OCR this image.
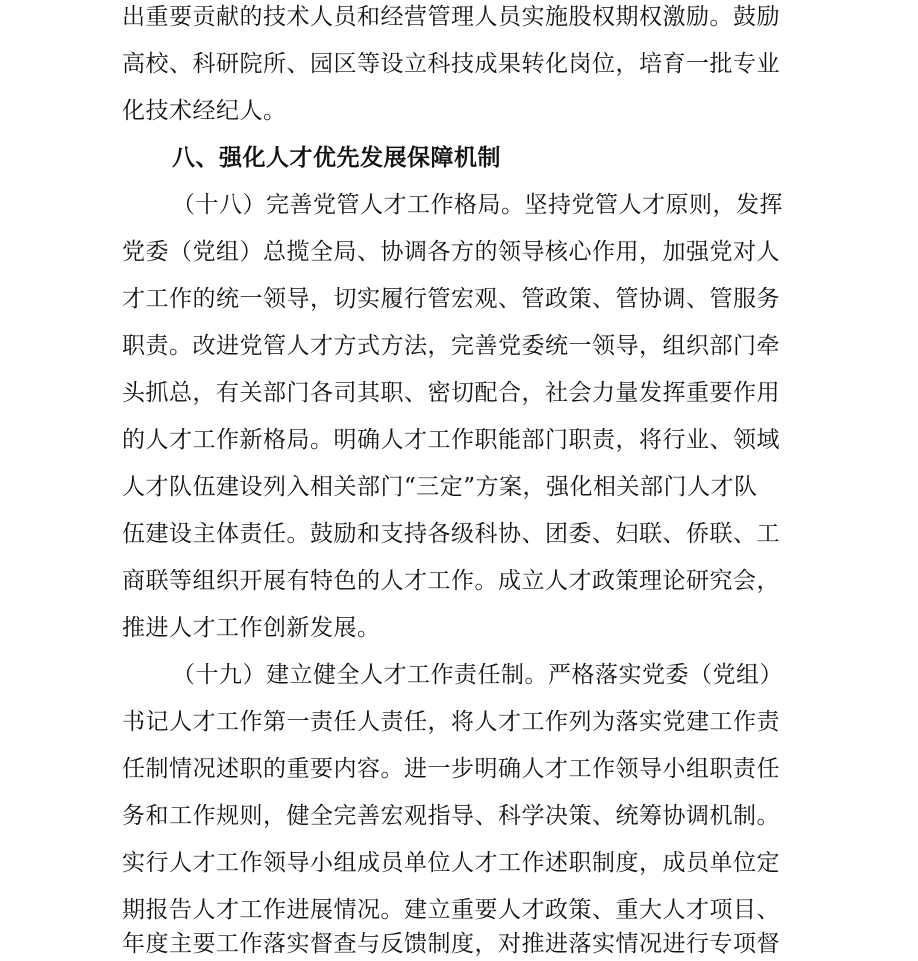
出重要贡献的技术人员和经营管理人员实施股权期权激励。鼓励
高校、科研院所、园区等设立科技成果转化岗位，培育一批专业
化技术经纪人。
八、强化人才优先发展保障机制
（十八）完善党管人才工作格局。坚持党管人才原则，发挥
党委（党组）总揽全局、协调各方的领导核心作用，加强党对人
才工作的统一领导，切实履行管宏观、管政策、管协调、管服务
职责。改进党管人才方式方法，完善党委统一领导，组织部门牵
头抓总，有关部门各司其职、密切配合，社会力量发挥重要作用
的人才工作新格局。明确人才工作职能部门职责，将行业、领域
人才队伍建设列入相关部门“三定”方案，强化相关部门人才队
伍建设主体责任。鼓励和支持各级科协、团委、妇联、侨联、工
商联等组织开展有特色的人才工作。成立人才政策理论研究会，
推进人才工作创新发展。
（十九）建立健全人才工作责任制。严格落实党委（党组）
书记人才工作第一责任人责任，将人才工作列为落实党建工作责
任制情况述职的重要内容。进一步明确人才工作领导小组职责任
务和工作规则，健全完善宏观指导、科学决策、统筹协调机制。
实行人才工作领导小组成员单位人才工作述职制度，成员单位定
期报告人才工作进展情况。建立重要人才政策、重大人才项目、
年度主要工作落实督查与反馈制度，对推进落实情况进行专项督
